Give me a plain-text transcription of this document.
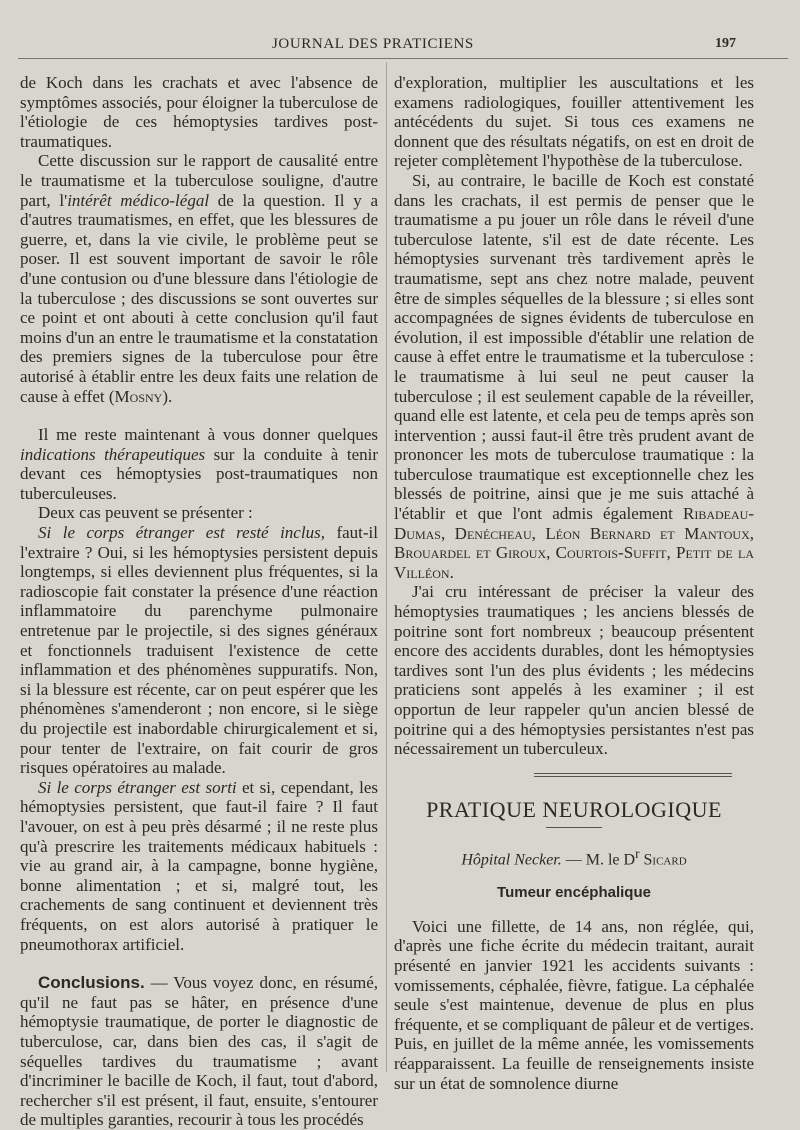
JOURNAL DES PRATICIENS	197

de Koch dans les crachats et avec l'absence de symptômes associés, pour éloigner la tuberculose de l'étiologie de ces hémoptysies tardives post-traumatiques.

Cette discussion sur le rapport de causalité entre le traumatisme et la tuberculose souligne, d'autre part, l'intérêt médico-légal de la question. Il y a d'autres traumatismes, en effet, que les blessures de guerre, et, dans la vie civile, le problème peut se poser. Il est souvent important de savoir le rôle d'une contusion ou d'une blessure dans l'étiologie de la tuberculose ; des discussions se sont ouvertes sur ce point et ont abouti à cette conclusion qu'il faut moins d'un an entre le traumatisme et la constatation des premiers signes de la tuberculose pour être autorisé à établir entre les deux faits une relation de cause à effet (Mosny).

Il me reste maintenant à vous donner quelques indications thérapeutiques sur la conduite à tenir devant ces hémoptysies post-traumatiques non tuberculeuses.

Deux cas peuvent se présenter :

Si le corps étranger est resté inclus, faut-il l'extraire ? Oui, si les hémoptysies persistent depuis longtemps, si elles deviennent plus fréquentes, si la radioscopie fait constater la présence d'une réaction inflammatoire du parenchyme pulmonaire entretenue par le projectile, si des signes généraux et fonctionnels traduisent l'existence de cette inflammation et des phénomènes suppuratifs. Non, si la blessure est récente, car on peut espérer que les phénomènes s'amenderont ; non encore, si le siège du projectile est inabordable chirurgicalement et si, pour tenter de l'extraire, on fait courir de gros risques opératoires au malade.

Si le corps étranger est sorti et si, cependant, les hémoptysies persistent, que faut-il faire ? Il faut l'avouer, on est à peu près désarmé ; il ne reste plus qu'à prescrire les traitements médicaux habituels : vie au grand air, à la campagne, bonne hygiène, bonne alimentation ; et si, malgré tout, les crachements de sang continuent et deviennent très fréquents, on est alors autorisé à pratiquer le pneumothorax artificiel.

Conclusions. — Vous voyez donc, en résumé, qu'il ne faut pas se hâter, en présence d'une hémoptysie traumatique, de porter le diagnostic de tuberculose, car, dans bien des cas, il s'agit de séquelles tardives du traumatisme ; avant d'incriminer le bacille de Koch, il faut, tout d'abord, rechercher s'il est présent, il faut, ensuite, s'entourer de multiples garanties, recourir à tous les procédés

d'exploration, multiplier les auscultations et les examens radiologiques, fouiller attentivement les antécédents du sujet. Si tous ces examens ne donnent que des résultats négatifs, on est en droit de rejeter complètement l'hypothèse de la tuberculose.

Si, au contraire, le bacille de Koch est constaté dans les crachats, il est permis de penser que le traumatisme a pu jouer un rôle dans le réveil d'une tuberculose latente, s'il est de date récente. Les hémoptysies survenant très tardivement après le traumatisme, sept ans chez notre malade, peuvent être de simples séquelles de la blessure ; si elles sont accompagnées de signes évidents de tuberculose en évolution, il est impossible d'établir une relation de cause à effet entre le traumatisme et la tuberculose : le traumatisme à lui seul ne peut causer la tuberculose ; il est seulement capable de la réveiller, quand elle est latente, et cela peu de temps après son intervention ; aussi faut-il être très prudent avant de prononcer les mots de tuberculose traumatique : la tuberculose traumatique est exceptionnelle chez les blessés de poitrine, ainsi que je me suis attaché à l'établir et que l'ont admis également Ribadeau-Dumas, Denécheau, Léon Bernard et Mantoux, Brouardel et Giroux, Courtois-Suffit, Petit de la Villéon.

J'ai cru intéressant de préciser la valeur des hémoptysies traumatiques ; les anciens blessés de poitrine sont fort nombreux ; beaucoup présentent encore des accidents durables, dont les hémoptysies tardives sont l'un des plus évidents ; les médecins praticiens sont appelés à les examiner ; il est opportun de leur rappeler qu'un ancien blessé de poitrine qui a des hémoptysies persistantes n'est pas nécessairement un tuberculeux.

PRATIQUE NEUROLOGIQUE
Hôpital Necker. — M. le $D^r$ Sicard
Tumeur encéphalique

Voici une fillette, de 14 ans, non réglée, qui, d'après une fiche écrite du médecin traitant, aurait présenté en janvier 1921 les accidents suivants : vomissements, céphalée, fièvre, fatigue. La céphalée seule s'est maintenue, devenue de plus en plus fréquente, et se compliquant de pâleur et de vertiges. Puis, en juillet de la même année, les vomissements réapparaissent. La feuille de renseignements insiste sur un état de somnolence diurne
